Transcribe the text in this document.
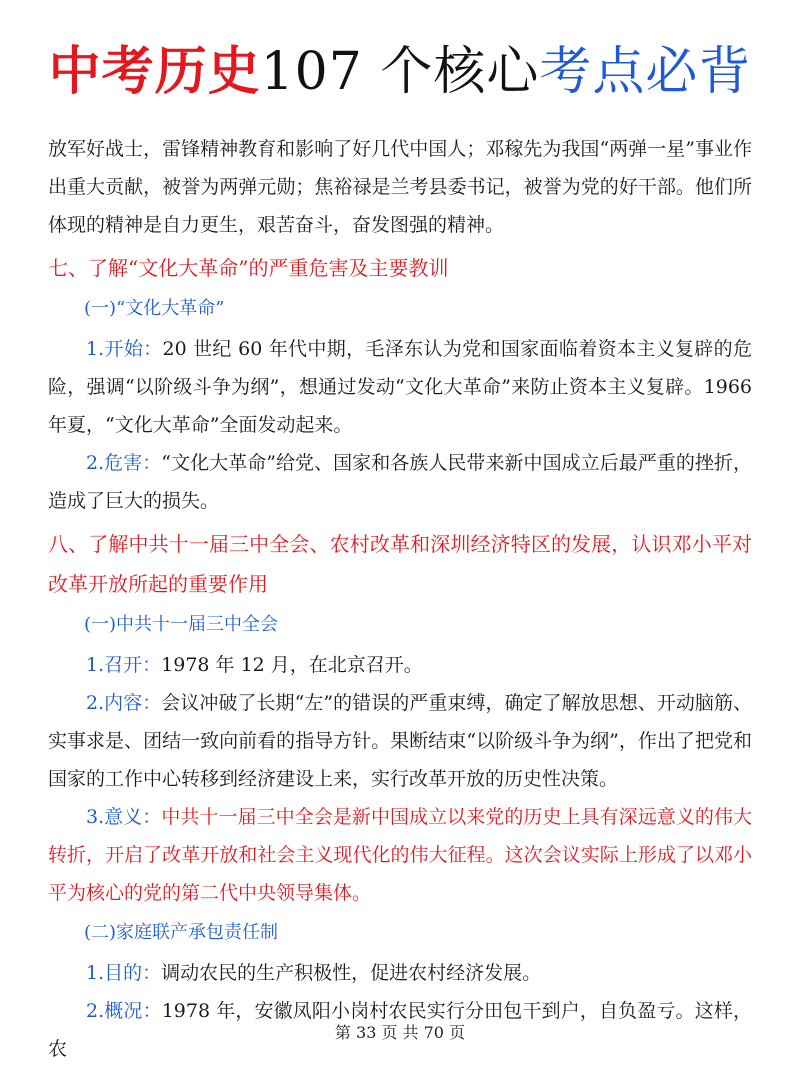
中考历史107 个核心考点必背

放军好战士，雷锋精神教育和影响了好几代中国人；邓稼先为我国“两弹一星”事业作出重大贡献，被誉为两弹元勋；焦裕禄是兰考县委书记，被誉为党的好干部。他们所体现的精神是自力更生，艰苦奋斗，奋发图强的精神。

七、了解“文化大革命”的严重危害及主要教训

(一)“文化大革命”

1.开始：20 世纪 60 年代中期，毛泽东认为党和国家面临着资本主义复辟的危险，强调“以阶级斗争为纲”，想通过发动“文化大革命”来防止资本主义复辟。1966 年夏，“文化大革命”全面发动起来。

2.危害：“文化大革命”给党、国家和各族人民带来新中国成立后最严重的挫折，造成了巨大的损失。

八、了解中共十一届三中全会、农村改革和深圳经济特区的发展，认识邓小平对改革开放所起的重要作用

(一)中共十一届三中全会

1.召开：1978 年 12 月，在北京召开。

2.内容：会议冲破了长期“左”的错误的严重束缚，确定了解放思想、开动脑筋、实事求是、团结一致向前看的指导方针。果断结束“以阶级斗争为纲”，作出了把党和国家的工作中心转移到经济建设上来，实行改革开放的历史性决策。

3.意义：中共十一届三中全会是新中国成立以来党的历史上具有深远意义的伟大转折，开启了改革开放和社会主义现代化的伟大征程。这次会议实际上形成了以邓小平为核心的党的第二代中央领导集体。

(二)家庭联产承包责任制

1.目的：调动农民的生产积极性，促进农村经济发展。

2.概况：1978 年，安徽凤阳小岗村农民实行分田包干到户，自负盈亏。这样，农

第 33 页 共 70 页
